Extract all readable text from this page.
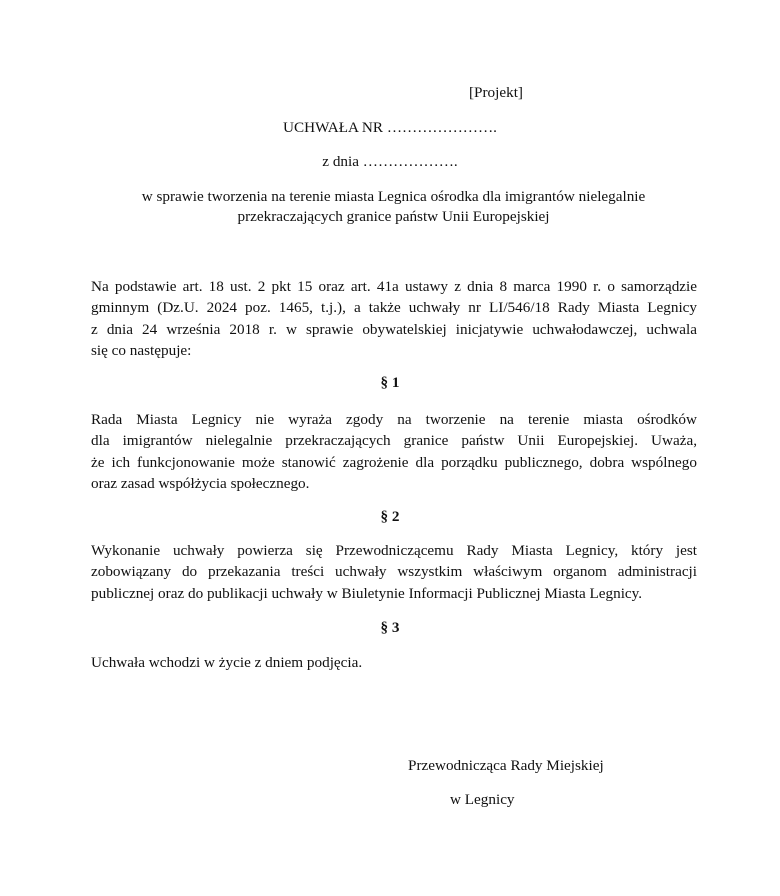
[Projekt]
UCHWAŁA NR ………………….
z dnia ……………….
w sprawie tworzenia na terenie miasta Legnica ośrodka dla imigrantów nielegalnie
przekraczających granice państw Unii Europejskiej
Na podstawie art. 18 ust. 2 pkt 15 oraz art. 41a ustawy z dnia 8 marca 1990 r. o samorządzie
gminnym (Dz.U. 2024 poz. 1465, t.j.), a także uchwały nr LI/546/18 Rady Miasta Legnicy
z dnia 24 września 2018 r. w sprawie obywatelskiej inicjatywie uchwałodawczej, uchwala
się co następuje:
§ 1
Rada Miasta Legnicy nie wyraża zgody na tworzenie na terenie miasta ośrodków
dla imigrantów nielegalnie przekraczających granice państw Unii Europejskiej. Uważa,
że ich funkcjonowanie może stanowić zagrożenie dla porządku publicznego, dobra wspólnego
oraz zasad współżycia społecznego.
§ 2
Wykonanie uchwały powierza się Przewodniczącemu Rady Miasta Legnicy, który jest
zobowiązany do przekazania treści uchwały wszystkim właściwym organom administracji
publicznej oraz do publikacji uchwały w Biuletynie Informacji Publicznej Miasta Legnicy.
§ 3
Uchwała wchodzi w życie z dniem podjęcia.
Przewodnicząca Rady Miejskiej
w Legnicy
